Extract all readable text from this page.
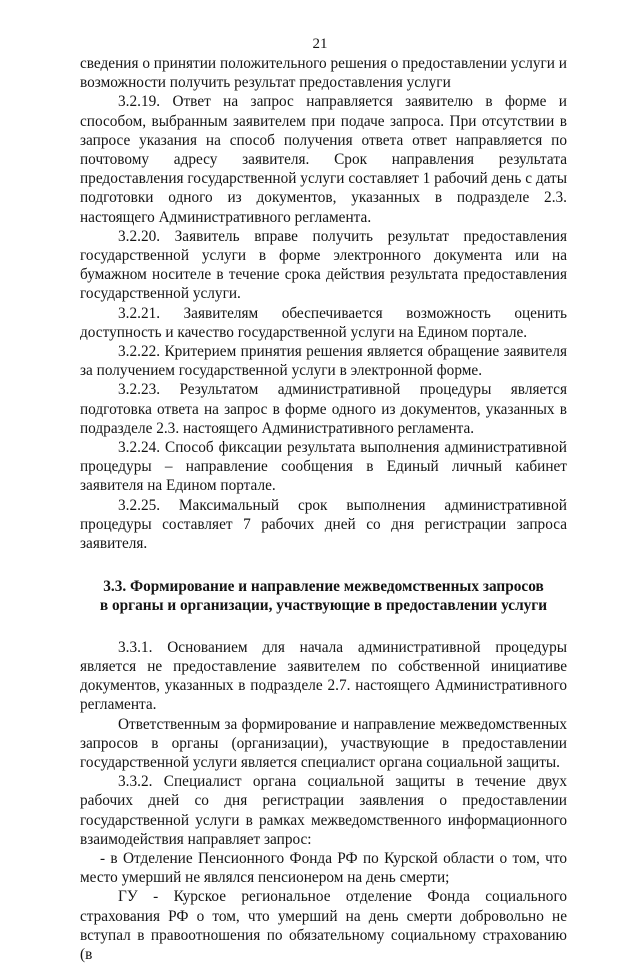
21

сведения о принятии положительного решения о предоставлении услуги и возможности получить результат предоставления услуги

3.2.19. Ответ на запрос направляется заявителю в форме и способом, выбранным заявителем при подаче запроса. При отсутствии в запросе указания на способ получения ответа ответ направляется по почтовому адресу заявителя. Срок направления результата предоставления государственной услуги составляет 1 рабочий день с даты подготовки одного из документов, указанных в подразделе 2.3. настоящего Административного регламента.

3.2.20. Заявитель вправе получить результат предоставления государственной услуги в форме электронного документа или на бумажном носителе в течение срока действия результата предоставления государственной услуги.

3.2.21. Заявителям обеспечивается возможность оценить доступность и качество государственной услуги на Едином портале.

3.2.22. Критерием принятия решения является обращение заявителя за получением государственной услуги в электронной форме.

3.2.23. Результатом административной процедуры является подготовка ответа на запрос в форме одного из документов, указанных в подразделе 2.3. настоящего Административного регламента.

3.2.24. Способ фиксации результата выполнения административной процедуры – направление сообщения в Единый личный кабинет заявителя на Едином портале.

3.2.25. Максимальный срок выполнения административной процедуры составляет 7 рабочих дней со дня регистрации запроса заявителя.

3.3. Формирование и направление межведомственных запросов
в органы и организации, участвующие в предоставлении услуги

3.3.1. Основанием для начала административной процедуры является не предоставление заявителем по собственной инициативе документов, указанных в подразделе 2.7. настоящего Административного регламента.

Ответственным за формирование и направление межведомственных запросов в органы (организации), участвующие в предоставлении государственной услуги является специалист органа социальной защиты.

3.3.2. Специалист органа социальной защиты в течение двух рабочих дней со дня регистрации заявления о предоставлении государственной услуги в рамках межведомственного информационного взаимодействия направляет запрос:

- в Отделение Пенсионного Фонда РФ по Курской области о том, что место умерший не являлся пенсионером на день смерти;

ГУ - Курское региональное отделение Фонда социального страхования РФ о том, что умерший на день смерти добровольно не вступал в правоотношения по обязательному социальному страхованию (в
